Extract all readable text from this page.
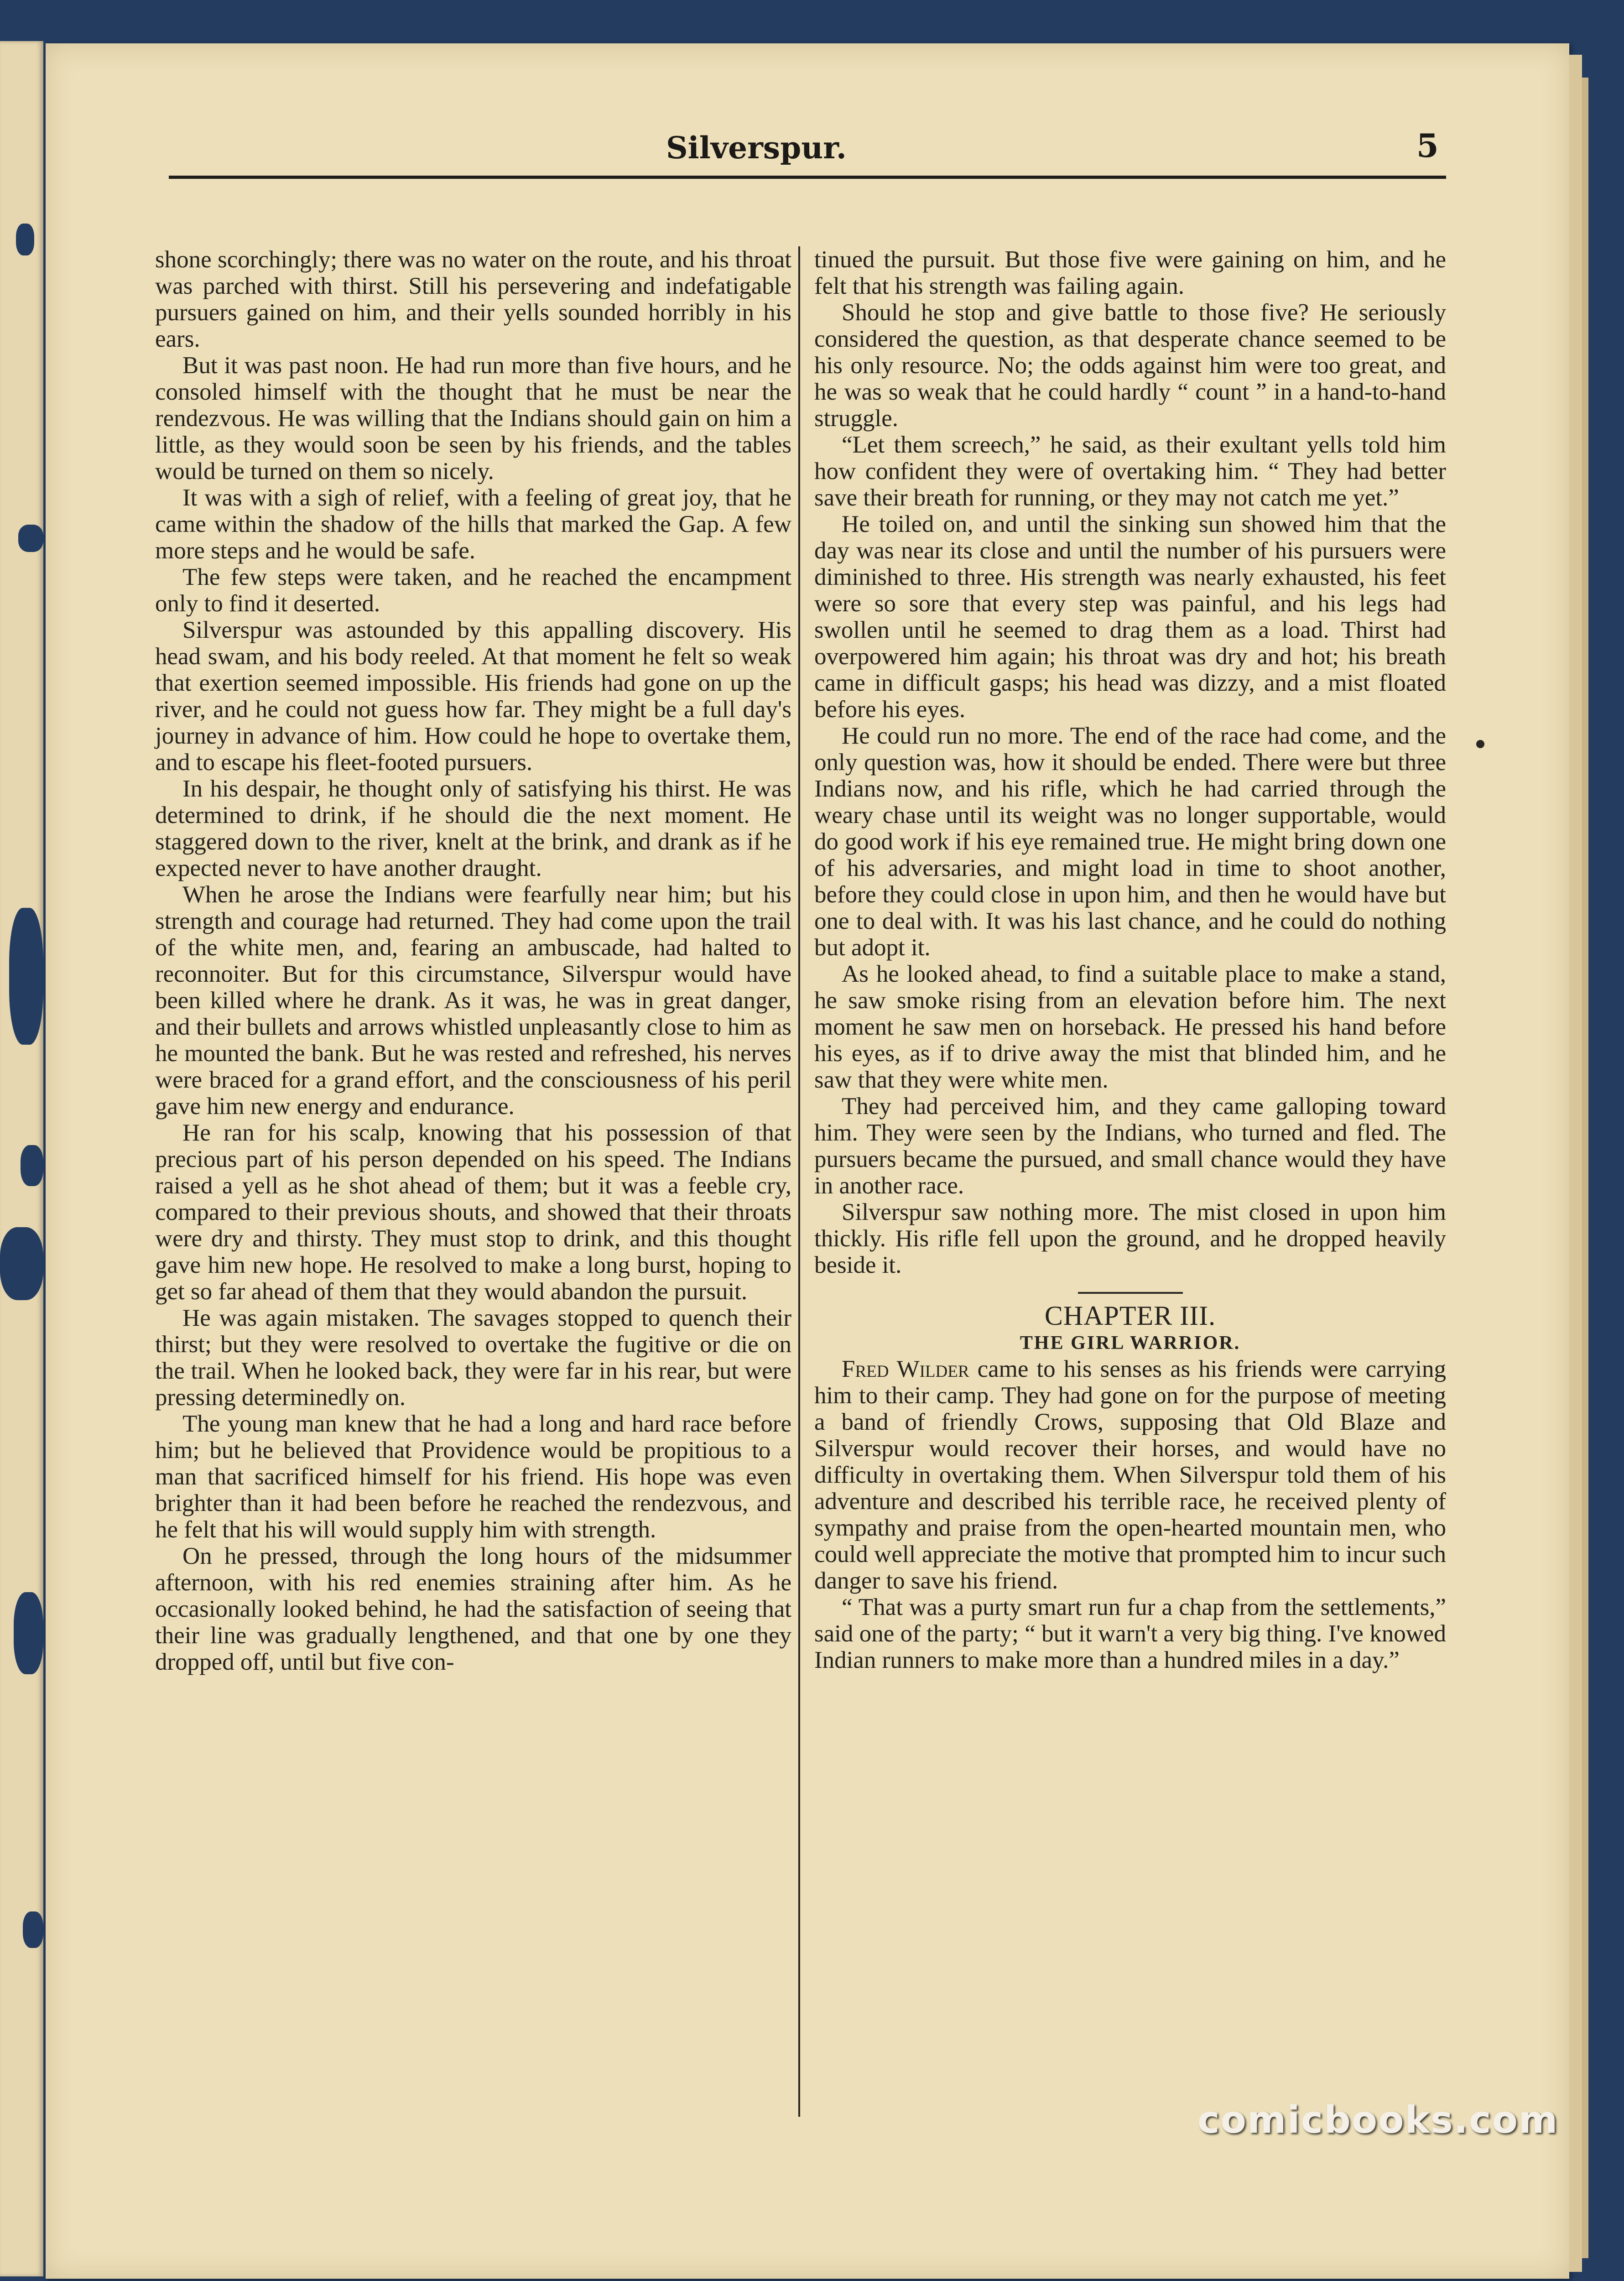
Silverspur.	5

shone scorchingly; there was no water on the route, and his throat was parched with thirst. Still his persevering and indefatigable pursuers gained on him, and their yells sounded horribly in his ears.

But it was past noon. He had run more than five hours, and he consoled himself with the thought that he must be near the rendezvous. He was willing that the Indians should gain on him a little, as they would soon be seen by his friends, and the tables would be turned on them so nicely.

It was with a sigh of relief, with a feeling of great joy, that he came within the shadow of the hills that marked the Gap. A few more steps and he would be safe.

The few steps were taken, and he reached the encampment only to find it deserted.

Silverspur was astounded by this appalling discovery. His head swam, and his body reeled. At that moment he felt so weak that exertion seemed impossible. His friends had gone on up the river, and he could not guess how far. They might be a full day's journey in advance of him. How could he hope to overtake them, and to escape his fleet-footed pursuers.

In his despair, he thought only of satisfying his thirst. He was determined to drink, if he should die the next moment. He staggered down to the river, knelt at the brink, and drank as if he expected never to have another draught.

When he arose the Indians were fearfully near him; but his strength and courage had returned. They had come upon the trail of the white men, and, fearing an ambuscade, had halted to reconnoiter. But for this circumstance, Silverspur would have been killed where he drank. As it was, he was in great danger, and their bullets and arrows whistled unpleasantly close to him as he mounted the bank. But he was rested and refreshed, his nerves were braced for a grand effort, and the consciousness of his peril gave him new energy and endurance.

He ran for his scalp, knowing that his possession of that precious part of his person depended on his speed. The Indians raised a yell as he shot ahead of them; but it was a feeble cry, compared to their previous shouts, and showed that their throats were dry and thirsty. They must stop to drink, and this thought gave him new hope. He resolved to make a long burst, hoping to get so far ahead of them that they would abandon the pursuit.

He was again mistaken. The savages stopped to quench their thirst; but they were resolved to overtake the fugitive or die on the trail. When he looked back, they were far in his rear, but were pressing determinedly on.

The young man knew that he had a long and hard race before him; but he believed that Providence would be propitious to a man that sacrificed himself for his friend. His hope was even brighter than it had been before he reached the rendezvous, and he felt that his will would supply him with strength.

On he pressed, through the long hours of the midsummer afternoon, with his red enemies straining after him. As he occasionally looked behind, he had the satisfaction of seeing that their line was gradually lengthened, and that one by one they dropped off, until but five con-

tinued the pursuit. But those five were gaining on him, and he felt that his strength was failing again.

Should he stop and give battle to those five? He seriously considered the question, as that desperate chance seemed to be his only resource. No; the odds against him were too great, and he was so weak that he could hardly “ count ” in a hand-to-hand struggle.

“Let them screech,” he said, as their exultant yells told him how confident they were of overtaking him. “ They had better save their breath for running, or they may not catch me yet.”

He toiled on, and until the sinking sun showed him that the day was near its close and until the number of his pursuers were diminished to three. His strength was nearly exhausted, his feet were so sore that every step was painful, and his legs had swollen until he seemed to drag them as a load. Thirst had overpowered him again; his throat was dry and hot; his breath came in difficult gasps; his head was dizzy, and a mist floated before his eyes.

He could run no more. The end of the race had come, and the only question was, how it should be ended. There were but three Indians now, and his rifle, which he had carried through the weary chase until its weight was no longer supportable, would do good work if his eye remained true. He might bring down one of his adversaries, and might load in time to shoot another, before they could close in upon him, and then he would have but one to deal with. It was his last chance, and he could do nothing but adopt it.

As he looked ahead, to find a suitable place to make a stand, he saw smoke rising from an elevation before him. The next moment he saw men on horseback. He pressed his hand before his eyes, as if to drive away the mist that blinded him, and he saw that they were white men.

They had perceived him, and they came galloping toward him. They were seen by the Indians, who turned and fled. The pursuers became the pursued, and small chance would they have in another race.

Silverspur saw nothing more. The mist closed in upon him thickly. His rifle fell upon the ground, and he dropped heavily beside it.

CHAPTER III.
THE GIRL WARRIOR.

Fred Wilder came to his senses as his friends were carrying him to their camp. They had gone on for the purpose of meeting a band of friendly Crows, supposing that Old Blaze and Silverspur would recover their horses, and would have no difficulty in overtaking them. When Silverspur told them of his adventure and described his terrible race, he received plenty of sympathy and praise from the open-hearted mountain men, who could well appreciate the motive that prompted him to incur such danger to save his friend.

“ That was a purty smart run fur a chap from the settlements,” said one of the party; “ but it warn't a very big thing. I've knowed Indian runners to make more than a hundred miles in a day.”

comicbooks.com
